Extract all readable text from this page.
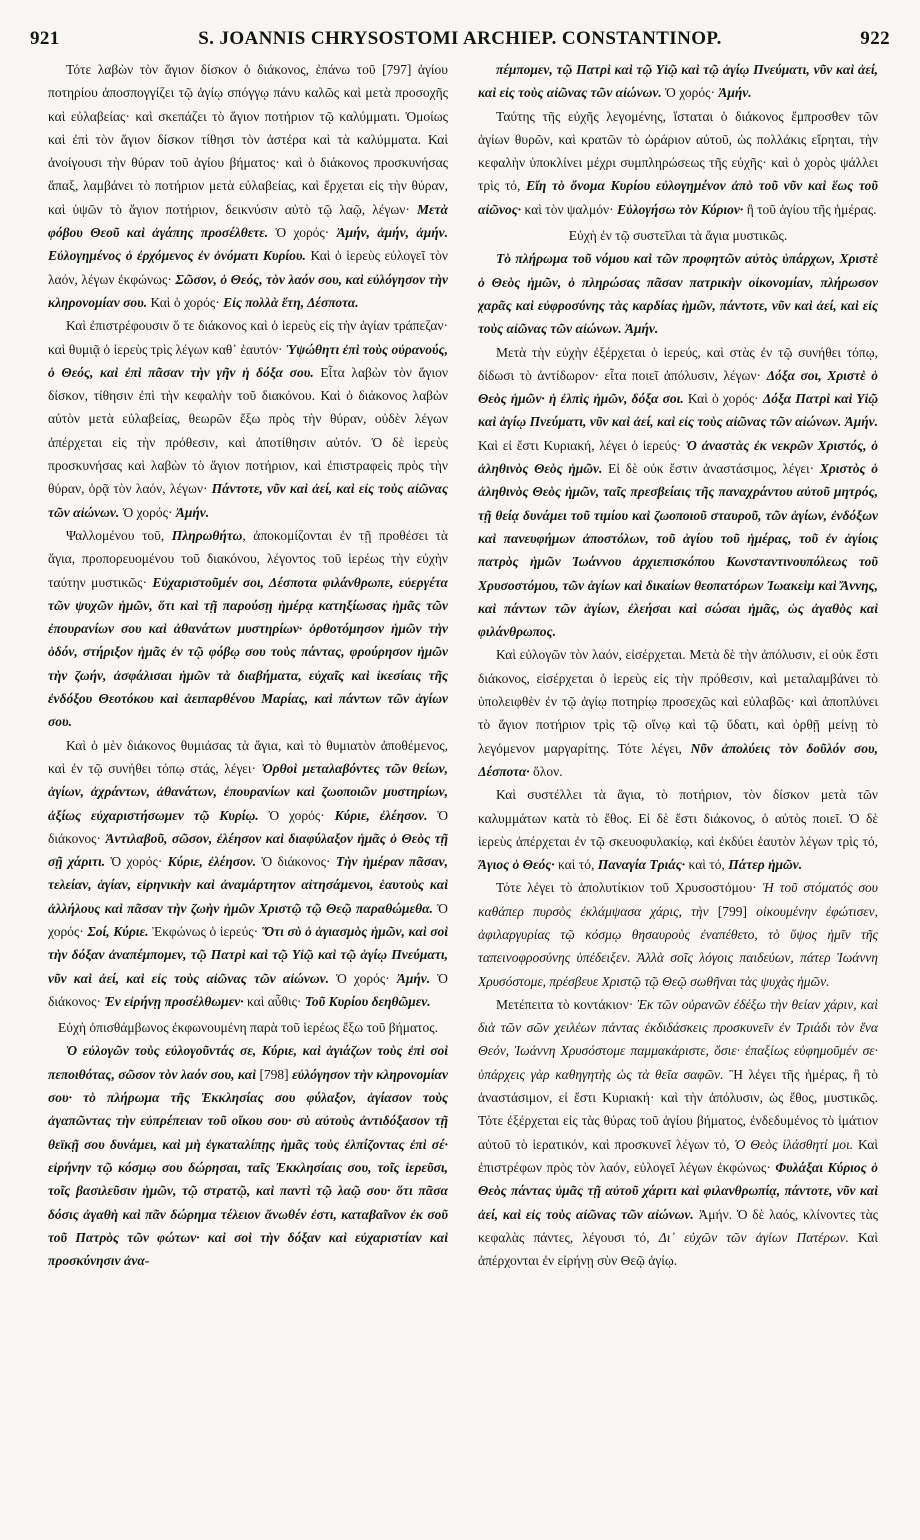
921	S. JOANNIS CHRYSOSTOMI ARCHIEP. CONSTANTINOP.	922

Τότε λαβὼν τὸν ἅγιον δίσκον ὁ διάκονος, ἐπάνω τοῦ [797] ἁγίου ποτηρίου ἀποσπογγίζει τῷ ἁγίῳ σπόγγῳ πάνυ καλῶς καὶ μετὰ προσοχῆς καὶ εὐλαβείας· καὶ σκεπάζει τὸ ἅγιον ποτήριον τῷ καλύμματι. Ὁμοίως καὶ ἐπὶ τὸν ἅγιον δίσκον τίθησι τὸν ἀστέρα καὶ τὰ καλύμματα. Καὶ ἀνοίγουσι τὴν θύραν τοῦ ἁγίου βήματος· καὶ ὁ διάκονος προσκυνήσας ἅπαξ, λαμβάνει τὸ ποτήριον μετὰ εὐλαβείας, καὶ ἔρχεται εἰς τὴν θύραν, καὶ ὑψῶν τὸ ἅγιον ποτήριον, δεικνύσιν αὐτὸ τῷ λαῷ, λέγων· Μετὰ φόβου Θεοῦ καὶ ἀγάπης προσέλθετε. Ὁ χορός· Ἀμήν, ἀμήν, ἀμήν. Εὐλογημένος ὁ ἐρχόμενος ἐν ὀνόματι Κυρίου. Καὶ ὁ ἱερεὺς εὐλογεῖ τὸν λαόν, λέγων ἐκφώνως· Σῶσον, ὁ Θεός, τὸν λαόν σου, καὶ εὐλόγησον τὴν κληρονομίαν σου. Καὶ ὁ χορός· Εἰς πολλὰ ἔτη, Δέσποτα.

Καὶ ἐπιστρέφουσιν ὅ τε διάκονος καὶ ὁ ἱερεὺς εἰς τὴν ἁγίαν τράπεζαν· καὶ θυμιᾷ ὁ ἱερεὺς τρὶς λέγων καθ᾽ ἑαυτόν· Ὑψώθητι ἐπὶ τοὺς οὐρανούς, ὁ Θεός, καὶ ἐπὶ πᾶσαν τὴν γῆν ἡ δόξα σου. Εἶτα λαβὼν τὸν ἅγιον δίσκον, τίθησιν ἐπὶ τὴν κεφαλὴν τοῦ διακόνου. Καὶ ὁ διάκονος λαβὼν αὐτὸν μετὰ εὐλαβείας, θεωρῶν ἔξω πρὸς τὴν θύραν, οὐδὲν λέγων ἀπέρχεται εἰς τὴν πρόθεσιν, καὶ ἀποτίθησιν αὐτόν. Ὁ δὲ ἱερεὺς προσκυνήσας καὶ λαβὼν τὸ ἅγιον ποτήριον, καὶ ἐπιστραφεὶς πρὸς τὴν θύραν, ὁρᾷ τὸν λαόν, λέγων· Πάντοτε, νῦν καὶ ἀεί, καὶ εἰς τοὺς αἰῶνας τῶν αἰώνων. Ὁ χορός· Ἀμήν.

Ψαλλομένου τοῦ, Πληρωθήτω, ἀποκομίζονται ἐν τῇ προθέσει τὰ ἅγια, προπορευομένου τοῦ διακόνου, λέγοντος τοῦ ἱερέως τὴν εὐχὴν ταύτην μυστικῶς· Εὐχαριστοῦμέν σοι, Δέσποτα φιλάνθρωπε, εὐεργέτα τῶν ψυχῶν ἡμῶν, ὅτι καὶ τῇ παρούσῃ ἡμέρᾳ κατηξίωσας ἡμᾶς τῶν ἐπουρανίων σου καὶ ἀθανάτων μυστηρίων· ὀρθοτόμησον ἡμῶν τὴν ὁδόν, στήριξον ἡμᾶς ἐν τῷ φόβῳ σου τοὺς πάντας, φρούρησον ἡμῶν τὴν ζωήν, ἀσφάλισαι ἡμῶν τὰ διαβήματα, εὐχαῖς καὶ ἱκεσίαις τῆς ἐνδόξου Θεοτόκου καὶ ἀειπαρθένου Μαρίας, καὶ πάντων τῶν ἁγίων σου.

Καὶ ὁ μὲν διάκονος θυμιάσας τὰ ἅγια, καὶ τὸ θυμιατὸν ἀποθέμενος, καὶ ἐν τῷ συνήθει τόπῳ στάς, λέγει· Ὀρθοὶ μεταλαβόντες τῶν θείων, ἁγίων, ἀχράντων, ἀθανάτων, ἐπουρανίων καὶ ζωοποιῶν μυστηρίων, ἀξίως εὐχαριστήσωμεν τῷ Κυρίῳ. Ὁ χορός· Κύριε, ἐλέησον. Ὁ διάκονος· Ἀντιλαβοῦ, σῶσον, ἐλέησον καὶ διαφύλαξον ἡμᾶς ὁ Θεὸς τῇ σῇ χάριτι. Ὁ χορός· Κύριε, ἐλέησον. Ὁ διάκονος· Τὴν ἡμέραν πᾶσαν, τελείαν, ἁγίαν, εἰρηνικὴν καὶ ἀναμάρτητον αἰτησάμενοι, ἑαυτοὺς καὶ ἀλλήλους καὶ πᾶσαν τὴν ζωὴν ἡμῶν Χριστῷ τῷ Θεῷ παραθώμεθα. Ὁ χορός· Σοί, Κύριε. Ἐκφώνως ὁ ἱερεύς· Ὅτι σὺ ὁ ἁγιασμὸς ἡμῶν, καὶ σοὶ τὴν δόξαν ἀναπέμπομεν, τῷ Πατρὶ καὶ τῷ Υἱῷ καὶ τῷ ἁγίῳ Πνεύματι, νῦν καὶ ἀεί, καὶ εἰς τοὺς αἰῶνας τῶν αἰώνων. Ὁ χορός· Ἀμήν. Ὁ διάκονος· Ἐν εἰρήνῃ προσέλθωμεν· καὶ αὖθις· Τοῦ Κυρίου δεηθῶμεν.

Εὐχὴ ὀπισθάμβωνος ἐκφωνουμένη παρὰ τοῦ ἱερέως ἔξω τοῦ βήματος.

Ὁ εὐλογῶν τοὺς εὐλογοῦντάς σε, Κύριε, καὶ ἁγιάζων τοὺς ἐπὶ σοὶ πεποιθότας, σῶσον τὸν λαόν σου, καὶ [798] εὐλόγησον τὴν κληρονομίαν σου· τὸ πλήρωμα τῆς Ἐκκλησίας σου φύλαξον, ἁγίασον τοὺς ἀγαπῶντας τὴν εὐπρέπειαν τοῦ οἴκου σου· σὺ αὐτοὺς ἀντιδόξασον τῇ θεϊκῇ σου δυνάμει, καὶ μὴ ἐγκαταλίπῃς ἡμᾶς τοὺς ἐλπίζοντας ἐπὶ σέ· εἰρήνην τῷ κόσμῳ σου δώρησαι, ταῖς Ἐκκλησίαις σου, τοῖς ἱερεῦσι, τοῖς βασιλεῦσιν ἡμῶν, τῷ στρατῷ, καὶ παντὶ τῷ λαῷ σου· ὅτι πᾶσα δόσις ἀγαθὴ καὶ πᾶν δώρημα τέλειον ἄνωθέν ἐστι, καταβαῖνον ἐκ σοῦ τοῦ Πατρὸς τῶν φώτων· καὶ σοὶ τὴν δόξαν καὶ εὐχαριστίαν καὶ προσκύνησιν ἀνα-

πέμπομεν, τῷ Πατρὶ καὶ τῷ Υἱῷ καὶ τῷ ἁγίῳ Πνεύματι, νῦν καὶ ἀεί, καὶ εἰς τοὺς αἰῶνας τῶν αἰώνων. Ὁ χορός· Ἀμήν.

Ταύτης τῆς εὐχῆς λεγομένης, ἵσταται ὁ διάκονος ἔμπροσθεν τῶν ἁγίων θυρῶν, καὶ κρατῶν τὸ ὠράριον αὐτοῦ, ὡς πολλάκις εἴρηται, τὴν κεφαλὴν ὑποκλίνει μέχρι συμπληρώσεως τῆς εὐχῆς· καὶ ὁ χορὸς ψάλλει τρὶς τό, Εἴη τὸ ὄνομα Κυρίου εὐλογημένον ἀπὸ τοῦ νῦν καὶ ἕως τοῦ αἰῶνος· καὶ τὸν ψαλμόν· Εὐλογήσω τὸν Κύριον· ἢ τοῦ ἁγίου τῆς ἡμέρας.

Εὐχὴ ἐν τῷ συστεῖλαι τὰ ἅγια μυστικῶς.

Τὸ πλήρωμα τοῦ νόμου καὶ τῶν προφητῶν αὐτὸς ὑπάρχων, Χριστὲ ὁ Θεὸς ἡμῶν, ὁ πληρώσας πᾶσαν πατρικὴν οἰκονομίαν, πλήρωσον χαρᾶς καὶ εὐφροσύνης τὰς καρδίας ἡμῶν, πάντοτε, νῦν καὶ ἀεί, καὶ εἰς τοὺς αἰῶνας τῶν αἰώνων. Ἀμήν.

Μετὰ τὴν εὐχὴν ἐξέρχεται ὁ ἱερεύς, καὶ στὰς ἐν τῷ συνήθει τόπῳ, δίδωσι τὸ ἀντίδωρον· εἶτα ποιεῖ ἀπόλυσιν, λέγων· Δόξα σοι, Χριστὲ ὁ Θεὸς ἡμῶν· ἡ ἐλπὶς ἡμῶν, δόξα σοι. Καὶ ὁ χορός· Δόξα Πατρὶ καὶ Υἱῷ καὶ ἁγίῳ Πνεύματι, νῦν καὶ ἀεί, καὶ εἰς τοὺς αἰῶνας τῶν αἰώνων. Ἀμήν. Καὶ εἰ ἔστι Κυριακή, λέγει ὁ ἱερεύς· Ὁ ἀναστὰς ἐκ νεκρῶν Χριστός, ὁ ἀληθινὸς Θεὸς ἡμῶν. Εἰ δὲ οὐκ ἔστιν ἀναστάσιμος, λέγει· Χριστὸς ὁ ἀληθινὸς Θεὸς ἡμῶν, ταῖς πρεσβείαις τῆς παναχράντου αὐτοῦ μητρός, τῇ θείᾳ δυνάμει τοῦ τιμίου καὶ ζωοποιοῦ σταυροῦ, τῶν ἁγίων, ἐνδόξων καὶ πανευφήμων ἀποστόλων, τοῦ ἁγίου τοῦ ἡμέρας, τοῦ ἐν ἁγίοις πατρὸς ἡμῶν Ἰωάννου ἀρχιεπισκόπου Κωνσταντινουπόλεως τοῦ Χρυσοστόμου, τῶν ἁγίων καὶ δικαίων θεοπατόρων Ἰωακεὶμ καὶ Ἄννης, καὶ πάντων τῶν ἁγίων, ἐλεήσαι καὶ σώσαι ἡμᾶς, ὡς ἀγαθὸς καὶ φιλάνθρωπος.

Καὶ εὐλογῶν τὸν λαόν, εἰσέρχεται. Μετὰ δὲ τὴν ἀπόλυσιν, εἰ οὐκ ἔστι διάκονος, εἰσέρχεται ὁ ἱερεὺς εἰς τὴν πρόθεσιν, καὶ μεταλαμβάνει τὸ ὑπολειφθὲν ἐν τῷ ἁγίῳ ποτηρίῳ προσεχῶς καὶ εὐλαβῶς· καὶ ἀποπλύνει τὸ ἅγιον ποτήριον τρὶς τῷ οἴνῳ καὶ τῷ ὕδατι, καὶ ὀρθῇ μείνῃ τὸ λεγόμενον μαργαρίτης. Τότε λέγει, Νῦν ἀπολύεις τὸν δοῦλόν σου, Δέσποτα· ὅλον.

Καὶ συστέλλει τὰ ἅγια, τὸ ποτήριον, τὸν δίσκον μετὰ τῶν καλυμμάτων κατὰ τὸ ἔθος. Εἰ δὲ ἔστι διάκονος, ὁ αὐτὸς ποιεῖ. Ὁ δὲ ἱερεὺς ἀπέρχεται ἐν τῷ σκευοφυλακίῳ, καὶ ἐκδύει ἑαυτὸν λέγων τρὶς τό, Ἅγιος ὁ Θεός· καὶ τό, Παναγία Τριάς· καὶ τό, Πάτερ ἡμῶν.

Τότε λέγει τὸ ἀπολυτίκιον τοῦ Χρυσοστόμου· Ἡ τοῦ στόματός σου καθάπερ πυρσὸς ἐκλάμψασα χάρις, τὴν [799] οἰκουμένην ἐφώτισεν, ἀφιλαργυρίας τῷ κόσμῳ θησαυροὺς ἐναπέθετο, τὸ ὕψος ἡμῖν τῆς ταπεινοφροσύνης ὑπέδειξεν. Ἀλλὰ σοῖς λόγοις παιδεύων, πάτερ Ἰωάννη Χρυσόστομε, πρέσβευε Χριστῷ τῷ Θεῷ σωθῆναι τὰς ψυχὰς ἡμῶν.

Μετέπειτα τὸ κοντάκιον· Ἐκ τῶν οὐρανῶν ἐδέξω τὴν θείαν χάριν, καὶ διὰ τῶν σῶν χειλέων πάντας ἐκδιδάσκεις προσκυνεῖν ἐν Τριάδι τὸν ἕνα Θεόν, Ἰωάννη Χρυσόστομε παμμακάριστε, ὅσιε· ἐπαξίως εὐφημοῦμέν σε· ὑπάρχεις γὰρ καθηγητὴς ὡς τὰ θεῖα σαφῶν. Ἢ λέγει τῆς ἡμέρας, ἢ τὸ ἀναστάσιμον, εἰ ἔστι Κυριακή· καὶ τὴν ἀπόλυσιν, ὡς ἔθος, μυστικῶς. Τότε ἐξέρχεται εἰς τὰς θύρας τοῦ ἁγίου βήματος, ἐνδεδυμένος τὸ ἱμάτιον αὐτοῦ τὸ ἱερατικόν, καὶ προσκυνεῖ λέγων τό, Ὁ Θεὸς ἱλάσθητί μοι. Καὶ ἐπιστρέφων πρὸς τὸν λαόν, εὐλογεῖ λέγων ἐκφώνως· Φυλάξαι Κύριος ὁ Θεὸς πάντας ὑμᾶς τῇ αὐτοῦ χάριτι καὶ φιλανθρωπίᾳ, πάντοτε, νῦν καὶ ἀεί, καὶ εἰς τοὺς αἰῶνας τῶν αἰώνων. Ἀμήν. Ὁ δὲ λαός, κλίνοντες τὰς κεφαλὰς πάντες, λέγουσι τό, Δι᾽ εὐχῶν τῶν ἁγίων Πατέρων. Καὶ ἀπέρχονται ἐν εἰρήνῃ σὺν Θεῷ ἁγίῳ.
